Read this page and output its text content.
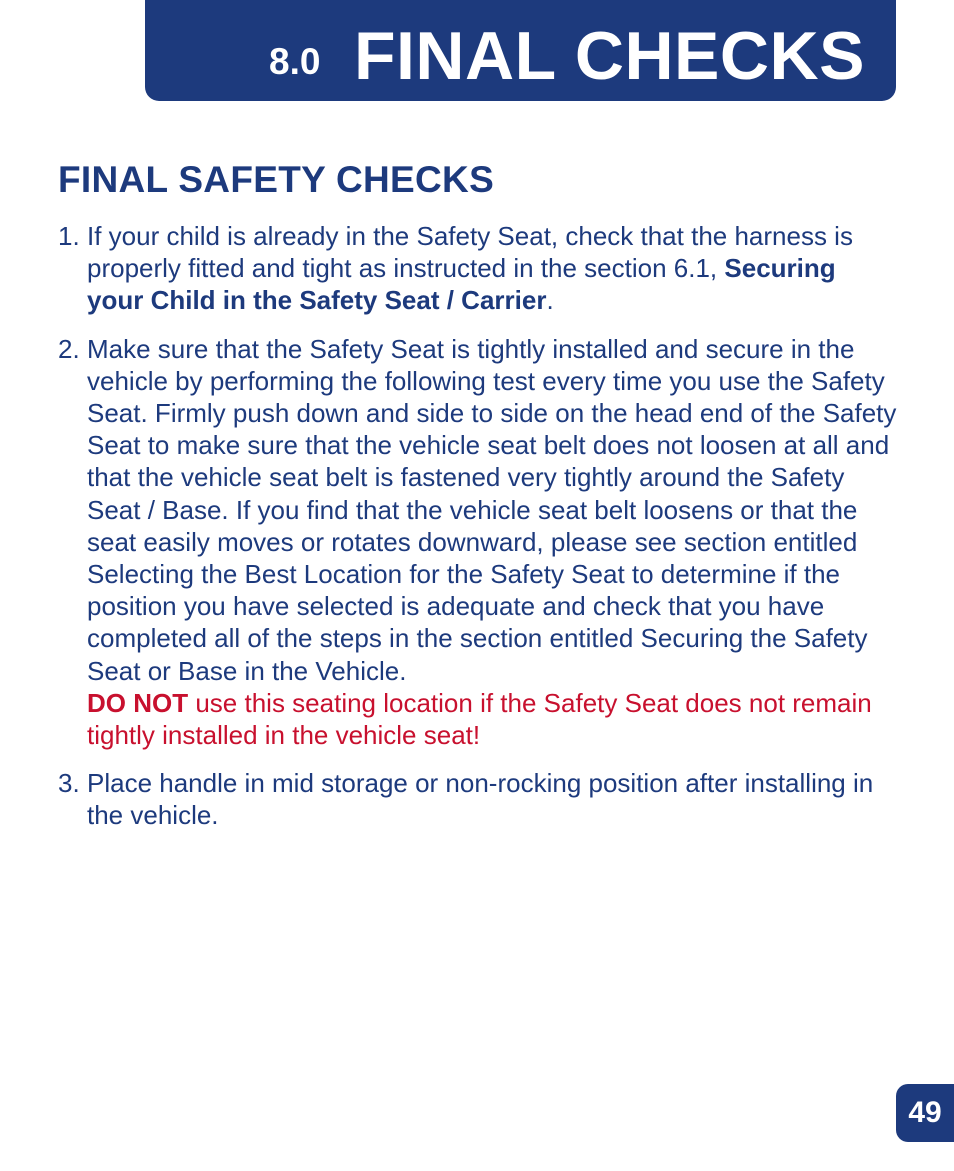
8.0 FINAL CHECKS
FINAL SAFETY CHECKS
1. If your child is already in the Safety Seat, check that the harness is properly fitted and tight as instructed in the section 6.1, Securing your Child in the Safety Seat / Carrier.
2. Make sure that the Safety Seat is tightly installed and secure in the vehicle by performing the following test every time you use the Safety Seat. Firmly push down and side to side on the head end of the Safety Seat to make sure that the vehicle seat belt does not loosen at all and that the vehicle seat belt is fastened very tightly around the Safety Seat / Base. If you find that the vehicle seat belt loosens or that the seat easily moves or rotates downward, please see section entitled Selecting the Best Location for the Safety Seat to determine if the position you have selected is adequate and check that you have completed all of the steps in the section entitled Securing the Safety Seat or Base in the Vehicle.
DO NOT use this seating location if the Safety Seat does not remain tightly installed in the vehicle seat!
3. Place handle in mid storage or non-rocking position after installing in the vehicle.
49
